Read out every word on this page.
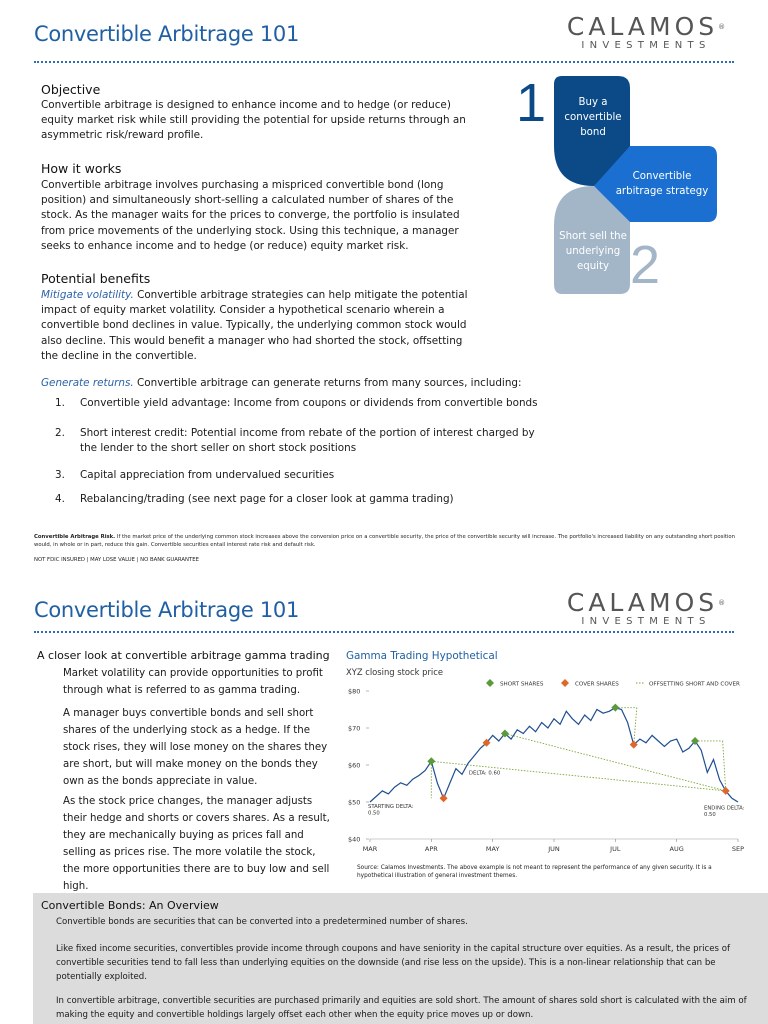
Convertible Arbitrage 101	CALAMOS®
INVESTMENTS
Objective
Convertible arbitrage is designed to enhance income and to hedge (or reduce) equity market risk while still providing the potential for upside returns through an asymmetric risk/reward profile.
How it works
Convertible arbitrage involves purchasing a mispriced convertible bond (long position) and simultaneously short-selling a calculated number of shares of the stock. As the manager waits for the prices to converge, the portfolio is insulated from price movements of the underlying stock. Using this technique, a manager seeks to enhance income and to hedge (or reduce) equity market risk.
Potential benefits
Mitigate volatility. Convertible arbitrage strategies can help mitigate the potential impact of equity market volatility. Consider a hypothetical scenario wherein a convertible bond declines in value. Typically, the underlying common stock would also decline. This would benefit a manager who had shorted the stock, offsetting the decline in the convertible.
Generate returns. Convertible arbitrage can generate returns from many sources, including:
1.	Convertible yield advantage: Income from coupons or dividends from convertible bonds
2.	Short interest credit: Potential income from rebate of the portion of interest charged by the lender to the short seller on short stock positions
3.	Capital appreciation from undervalued securities
4.	Rebalancing/trading (see next page for a closer look at gamma trading)
Convertible Arbitrage Risk. If the market price of the underlying common stock increases above the conversion price on a convertible security, the price of the convertible security will increase. The portfolio's increased liability on any outstanding short position would, in whole or in part, reduce this gain. Convertible securities entail interest rate risk and default risk.
NOT FDIC INSURED | MAY LOSE VALUE | NO BANK GUARANTEE
1	Buy a convertible bond
Convertible arbitrage strategy
Short sell the underlying equity 2
Convertible Arbitrage 101	CALAMOS®
INVESTMENTS
A closer look at convertible arbitrage gamma trading
Market volatility can provide opportunities to profit through what is referred to as gamma trading.
A manager buys convertible bonds and sell short shares of the underlying stock as a hedge. If the stock rises, they will lose money on the shares they are short, but will make money on the bonds they own as the bonds appreciate in value.
As the stock price changes, the manager adjusts their hedge and shorts or covers shares. As a result, they are mechanically buying as prices fall and selling as prices rise. The more volatile the stock, the more opportunities there are to buy low and sell high.
Gamma Trading Hypothetical
XYZ closing stock price
SHORT SHARES	COVER SHARES	OFFSETTING SHORT AND COVER
$80
$70
$60
$50
$40
MAR	APR	MAY	JUN	JUL	AUG	SEP
STARTING DELTA:
0.50
DELTA: 0.60
ENDING DELTA:
0.50
Source: Calamos Investments. The above example is not meant to represent the performance of any given security. It is a hypothetical illustration of general investment themes.
Convertible Bonds: An Overview
Convertible bonds are securities that can be converted into a predetermined number of shares.
Like fixed income securities, convertibles provide income through coupons and have seniority in the capital structure over equities. As a result, the prices of convertible securities tend to fall less than underlying equities on the downside (and rise less on the upside). This is a non-linear relationship that can be potentially exploited.
In convertible arbitrage, convertible securities are purchased primarily and equities are sold short. The amount of shares sold short is calculated with the aim of making the equity and convertible holdings largely offset each other when the equity price moves up or down.
